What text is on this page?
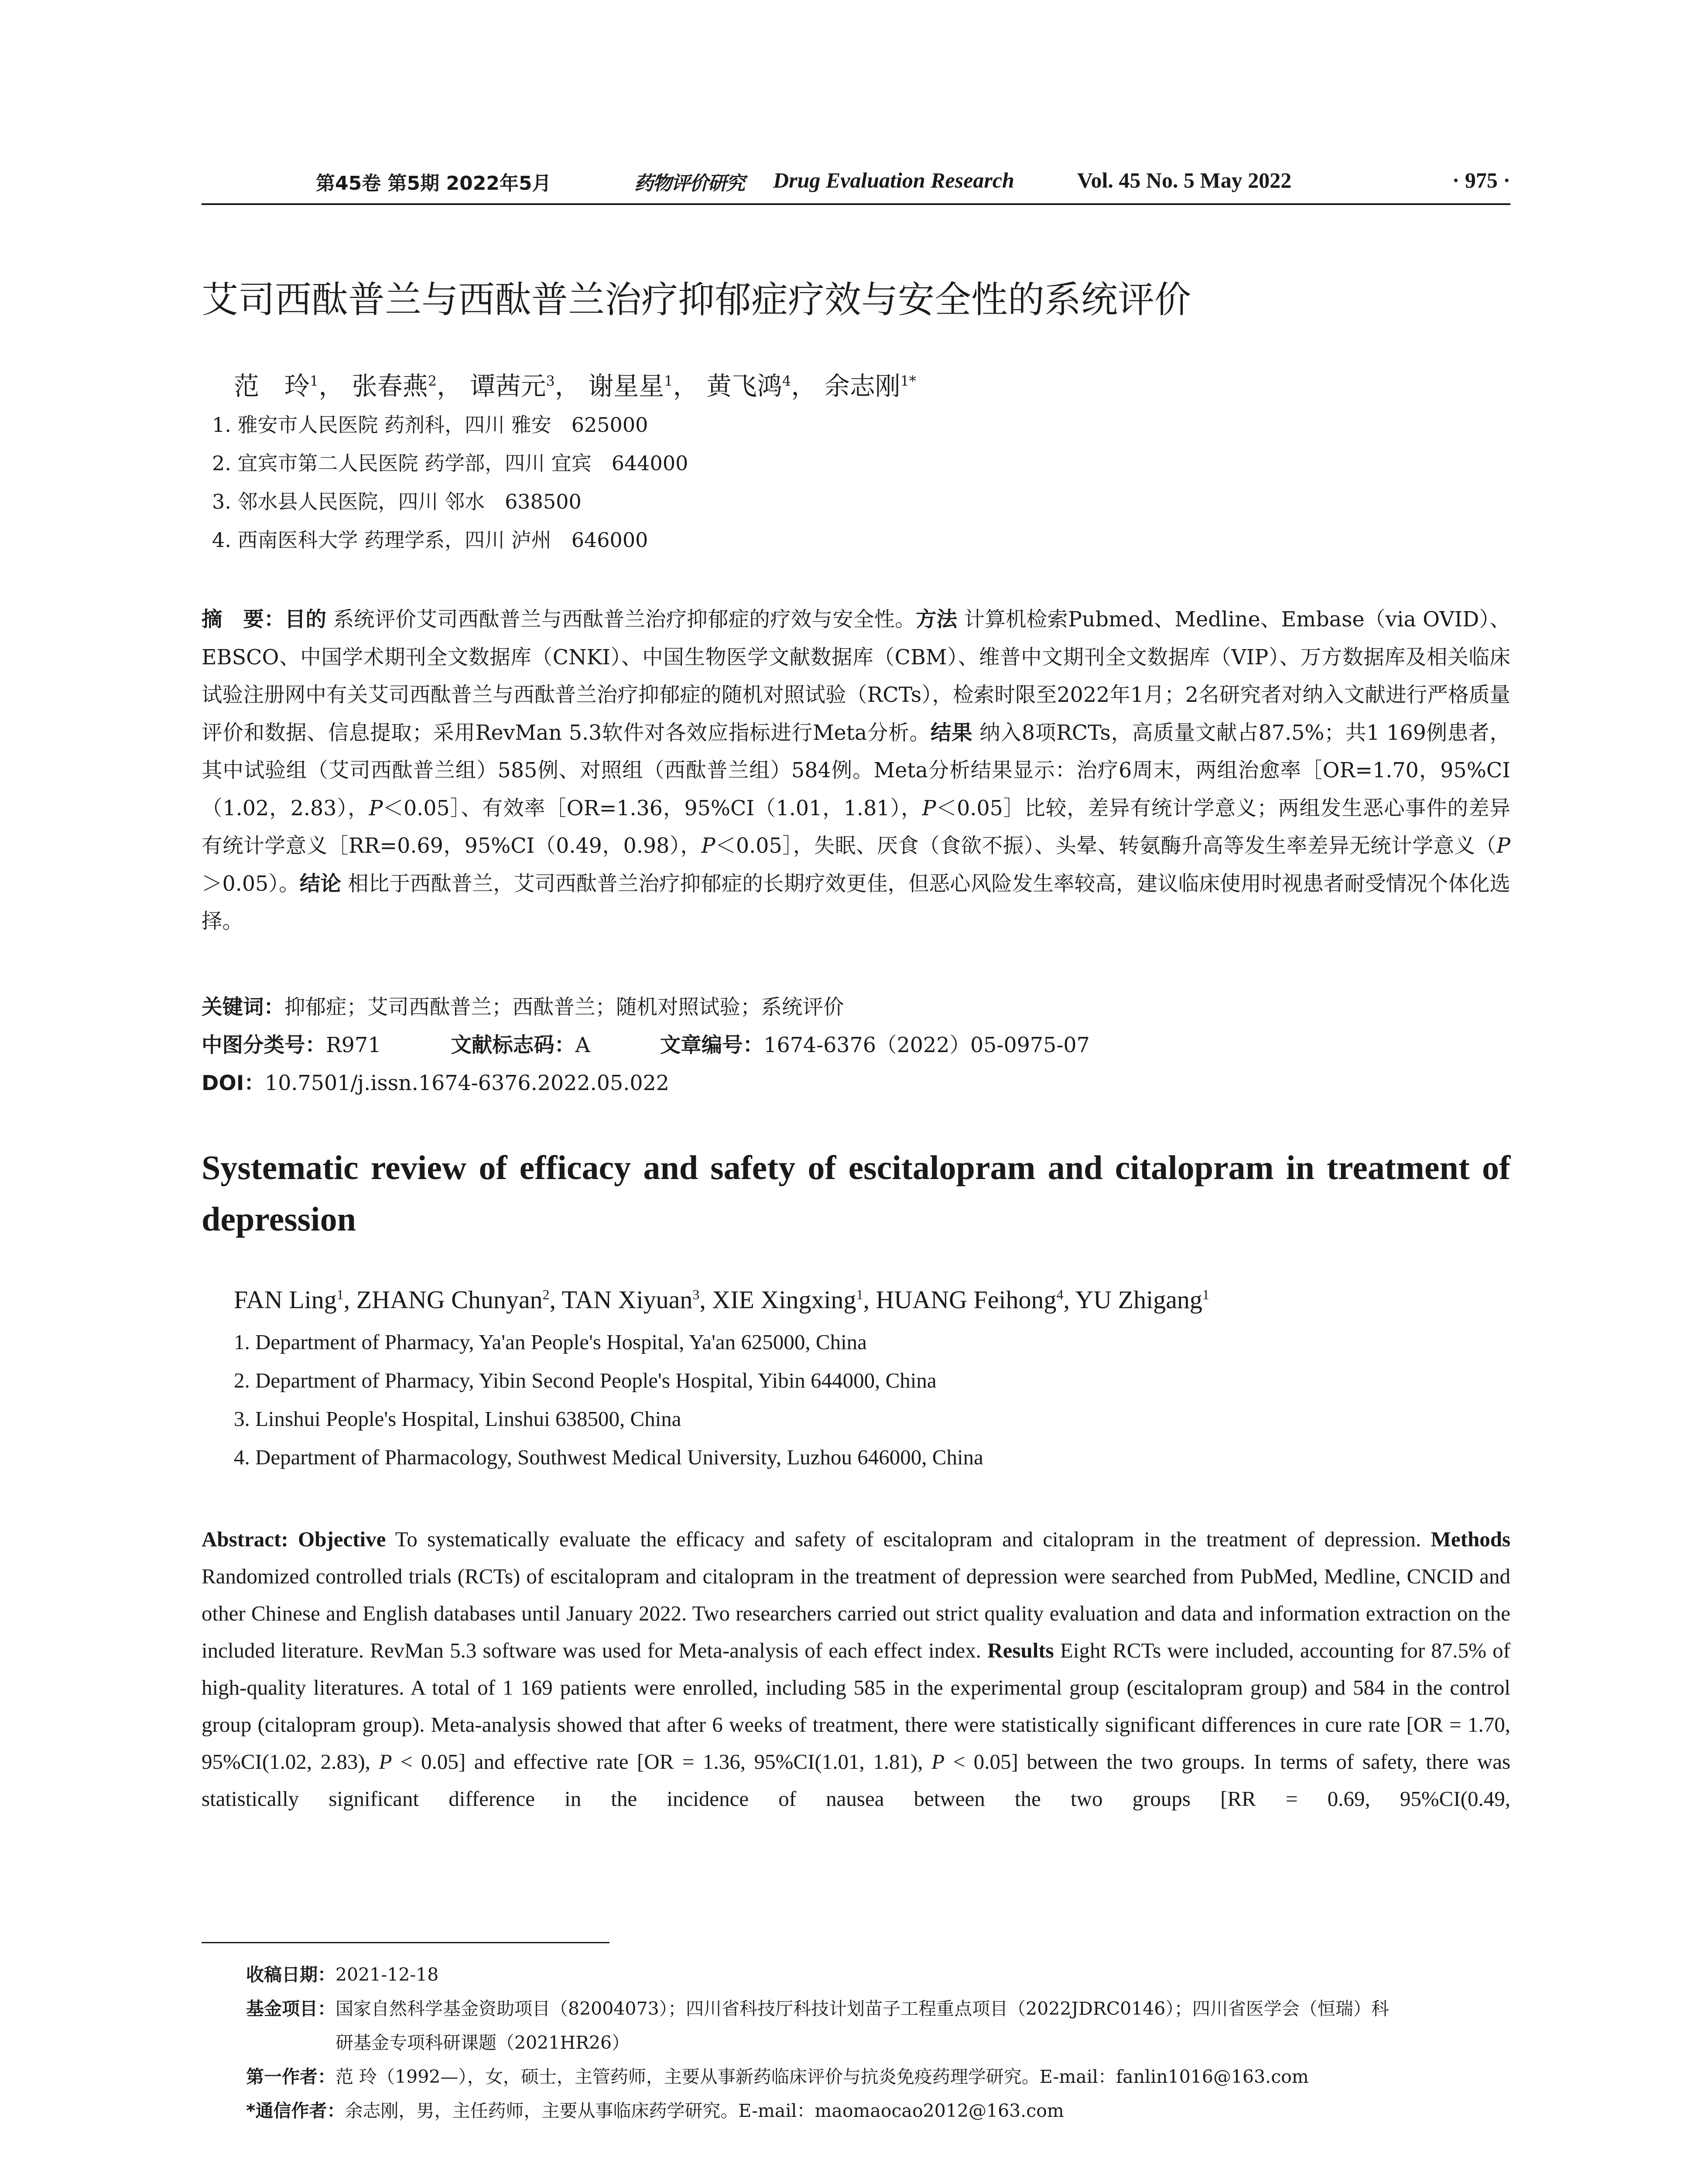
第45卷 第5期 2022年5月	药物评价研究 Drug Evaluation Research	Vol. 45 No. 5 May 2022	· 975 ·
艾司西酞普兰与西酞普兰治疗抑郁症疗效与安全性的系统评价
范　玲$^1$， 张春燕$^2$， 谭茜元$^3$， 谢星星$^1$， 黄飞鸿$^4$， 余志刚$^{1*}$
1. 雅安市人民医院 药剂科，四川 雅安　625000
2. 宜宾市第二人民医院 药学部，四川 宜宾　644000
3. 邻水县人民医院，四川 邻水　638500
4. 西南医科大学 药理学系，四川 泸州　646000

摘　要：目的 系统评价艾司西酞普兰与西酞普兰治疗抑郁症的疗效与安全性。方法 计算机检索Pubmed、Medline、Embase（via OVID）、EBSCO、中国学术期刊全文数据库（CNKI）、中国生物医学文献数据库（CBM）、维普中文期刊全文数据库（VIP）、万方数据库及相关临床试验注册网中有关艾司西酞普兰与西酞普兰治疗抑郁症的随机对照试验（RCTs），检索时限至2022年1月；2名研究者对纳入文献进行严格质量评价和数据、信息提取；采用RevMan 5.3软件对各效应指标进行Meta分析。结果 纳入8项RCTs，高质量文献占87.5%；共1 169例患者，其中试验组（艾司西酞普兰组）585例、对照组（西酞普兰组）584例。Meta分析结果显示：治疗6周末，两组治愈率［OR=1.70，95%CI（1.02，2.83），P＜0.05］、有效率［OR=1.36，95%CI（1.01，1.81），P＜0.05］比较，差异有统计学意义；两组发生恶心事件的差异有统计学意义［RR=0.69，95%CI（0.49，0.98），P＜0.05］，失眠、厌食（食欲不振）、头晕、转氨酶升高等发生率差异无统计学意义（P＞0.05）。结论 相比于西酞普兰，艾司西酞普兰治疗抑郁症的长期疗效更佳，但恶心风险发生率较高，建议临床使用时视患者耐受情况个体化选择。

关键词：抑郁症；艾司西酞普兰；西酞普兰；随机对照试验；系统评价
中图分类号：R971	文献标志码：A	文章编号：1674-6376（2022）05-0975-07
DOI：10.7501/j.issn.1674-6376.2022.05.022
Systematic review of efficacy and safety of escitalopram and citalopram in treatment of depression
FAN Ling$^1$, ZHANG Chunyan$^2$, TAN Xiyuan$^3$, XIE Xingxing$^1$, HUANG Feihong$^4$, YU Zhigang$^1$
1. Department of Pharmacy, Ya'an People's Hospital, Ya'an 625000, China
2. Department of Pharmacy, Yibin Second People's Hospital, Yibin 644000, China
3. Linshui People's Hospital, Linshui 638500, China
4. Department of Pharmacology, Southwest Medical University, Luzhou 646000, China
Abstract: Objective To systematically evaluate the efficacy and safety of escitalopram and citalopram in the treatment of depression. Methods Randomized controlled trials (RCTs) of escitalopram and citalopram in the treatment of depression were searched from PubMed, Medline, CNCID and other Chinese and English databases until January 2022. Two researchers carried out strict quality evaluation and data and information extraction on the included literature. RevMan 5.3 software was used for Meta-analysis of each effect index. Results Eight RCTs were included, accounting for 87.5% of high-quality literatures. A total of 1 169 patients were enrolled, including 585 in the experimental group (escitalopram group) and 584 in the control group (citalopram group). Meta-analysis showed that after 6 weeks of treatment, there were statistically significant differences in cure rate [OR = 1.70, 95%CI(1.02, 2.83), P < 0.05] and effective rate [OR = 1.36, 95%CI(1.01, 1.81), P < 0.05] between the two groups. In terms of safety, there was statistically significant difference in the incidence of nausea between the two groups [RR = 0.69, 95%CI(0.49,
收稿日期：2021-12-18
基金项目：国家自然科学基金资助项目（82004073）；四川省科技厅科技计划苗子工程重点项目（2022JDRC0146）；四川省医学会（恒瑞）科
研基金专项科研课题（2021HR26）
第一作者：范 玲（1992—），女，硕士，主管药师，主要从事新药临床评价与抗炎免疫药理学研究。E-mail：fanlin1016@163.com
*通信作者：余志刚，男，主任药师，主要从事临床药学研究。E-mail：maomaocao2012@163.com
